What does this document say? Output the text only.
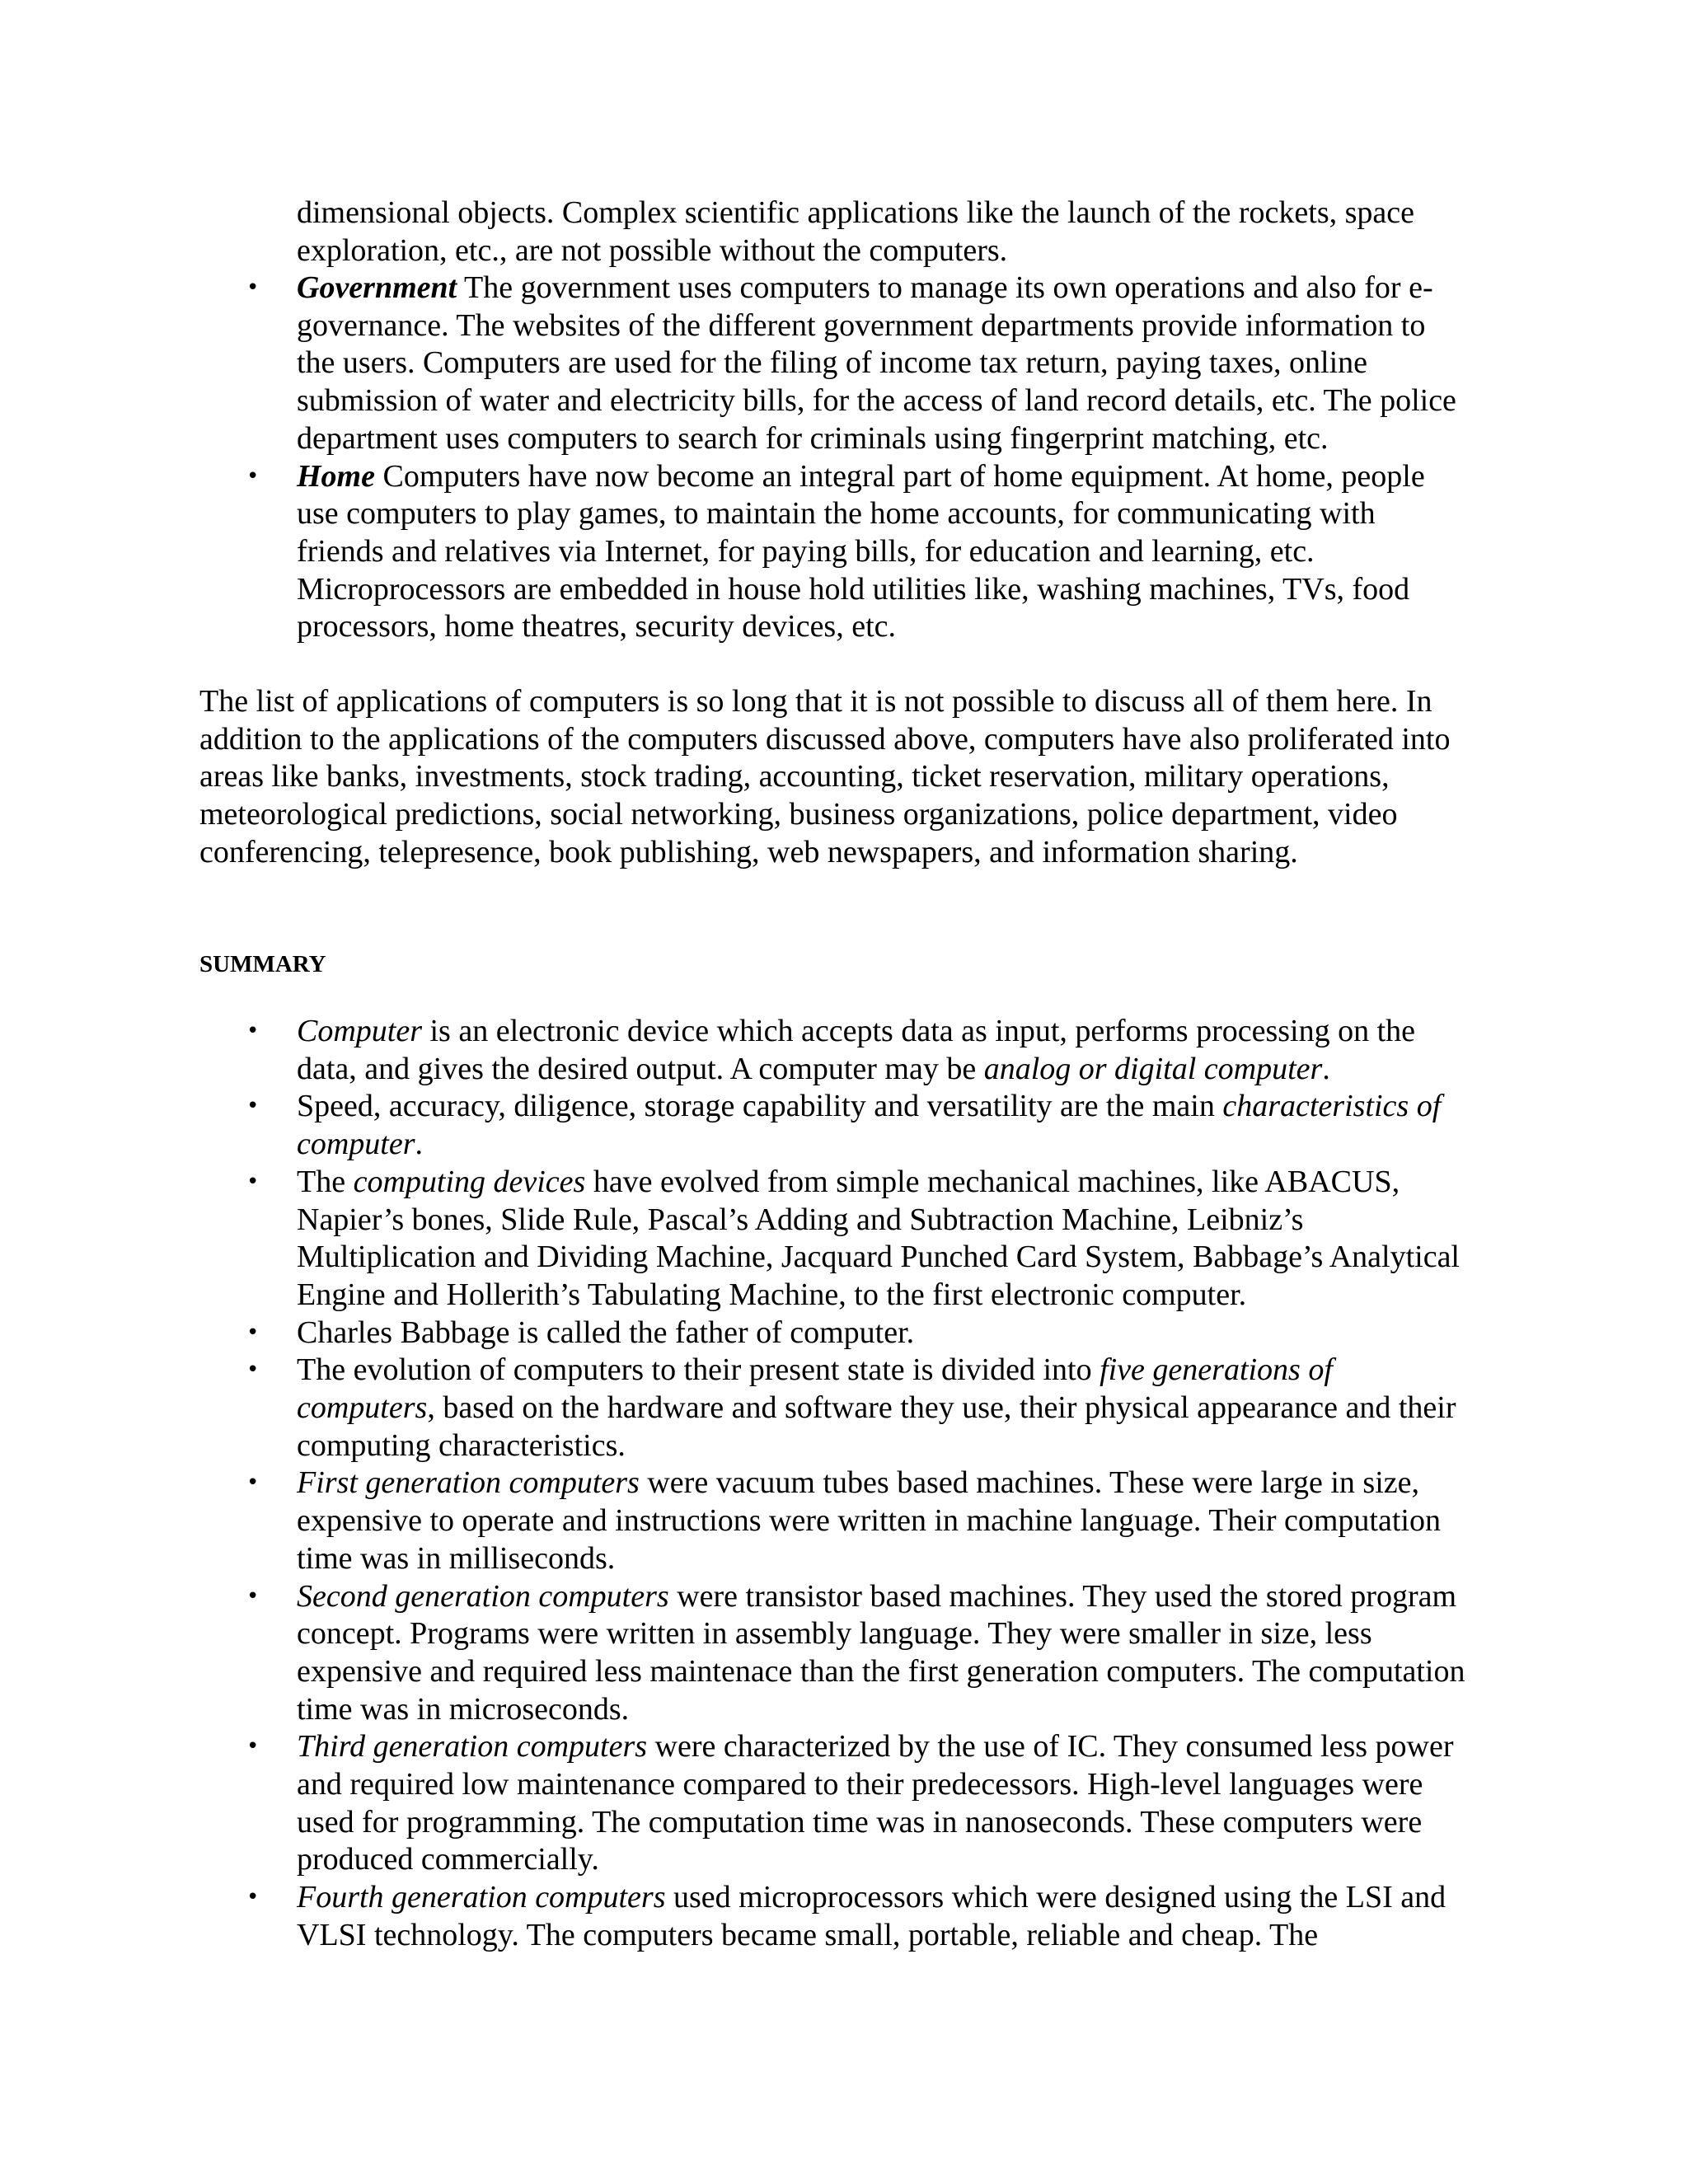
dimensional objects. Complex scientific applications like the launch of the rockets, space exploration, etc., are not possible without the computers.
• Government The government uses computers to manage its own operations and also for e-governance. The websites of the different government departments provide information to the users. Computers are used for the filing of income tax return, paying taxes, online submission of water and electricity bills, for the access of land record details, etc. The police department uses computers to search for criminals using fingerprint matching, etc.
• Home Computers have now become an integral part of home equipment. At home, people use computers to play games, to maintain the home accounts, for communicating with friends and relatives via Internet, for paying bills, for education and learning, etc. Microprocessors are embedded in house hold utilities like, washing machines, TVs, food processors, home theatres, security devices, etc.
The list of applications of computers is so long that it is not possible to discuss all of them here. In addition to the applications of the computers discussed above, computers have also proliferated into areas like banks, investments, stock trading, accounting, ticket reservation, military operations, meteorological predictions, social networking, business organizations, police department, video conferencing, telepresence, book publishing, web newspapers, and information sharing.
SUMMARY
• Computer is an electronic device which accepts data as input, performs processing on the data, and gives the desired output. A computer may be analog or digital computer.
• Speed, accuracy, diligence, storage capability and versatility are the main characteristics of computer.
• The computing devices have evolved from simple mechanical machines, like ABACUS, Napier’s bones, Slide Rule, Pascal’s Adding and Subtraction Machine, Leibniz’s Multiplication and Dividing Machine, Jacquard Punched Card System, Babbage’s Analytical Engine and Hollerith’s Tabulating Machine, to the first electronic computer.
• Charles Babbage is called the father of computer.
• The evolution of computers to their present state is divided into five generations of computers, based on the hardware and software they use, their physical appearance and their computing characteristics.
• First generation computers were vacuum tubes based machines. These were large in size, expensive to operate and instructions were written in machine language. Their computation time was in milliseconds.
• Second generation computers were transistor based machines. They used the stored program concept. Programs were written in assembly language. They were smaller in size, less expensive and required less maintenace than the first generation computers. The computation time was in microseconds.
• Third generation computers were characterized by the use of IC. They consumed less power and required low maintenance compared to their predecessors. High-level languages were used for programming. The computation time was in nanoseconds. These computers were produced commercially.
• Fourth generation computers used microprocessors which were designed using the LSI and VLSI technology. The computers became small, portable, reliable and cheap. The
